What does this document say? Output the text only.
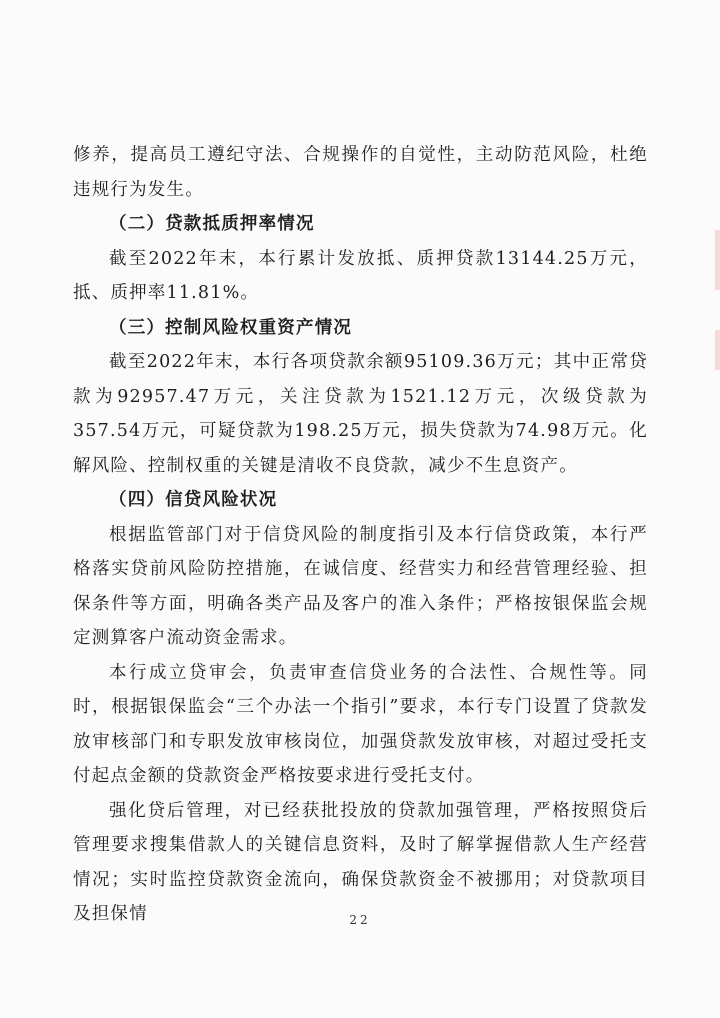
修养，提高员工遵纪守法、合规操作的自觉性，主动防范风险，杜绝违规行为发生。

（二）贷款抵质押率情况

截至2022年末，本行累计发放抵、质押贷款13144.25万元，抵、质押率11.81%。

（三）控制风险权重资产情况

截至2022年末，本行各项贷款余额95109.36万元；其中正常贷款为92957.47万元，关注贷款为1521.12万元，次级贷款为357.54万元，可疑贷款为198.25万元，损失贷款为74.98万元。化解风险、控制权重的关键是清收不良贷款，减少不生息资产。

（四）信贷风险状况

根据监管部门对于信贷风险的制度指引及本行信贷政策，本行严格落实贷前风险防控措施，在诚信度、经营实力和经营管理经验、担保条件等方面，明确各类产品及客户的准入条件；严格按银保监会规定测算客户流动资金需求。

本行成立贷审会，负责审查信贷业务的合法性、合规性等。同时，根据银保监会“三个办法一个指引”要求，本行专门设置了贷款发放审核部门和专职发放审核岗位，加强贷款发放审核，对超过受托支付起点金额的贷款资金严格按要求进行受托支付。

强化贷后管理，对已经获批投放的贷款加强管理，严格按照贷后管理要求搜集借款人的关键信息资料，及时了解掌握借款人生产经营情况；实时监控贷款资金流向，确保贷款资金不被挪用；对贷款项目及担保情	22
